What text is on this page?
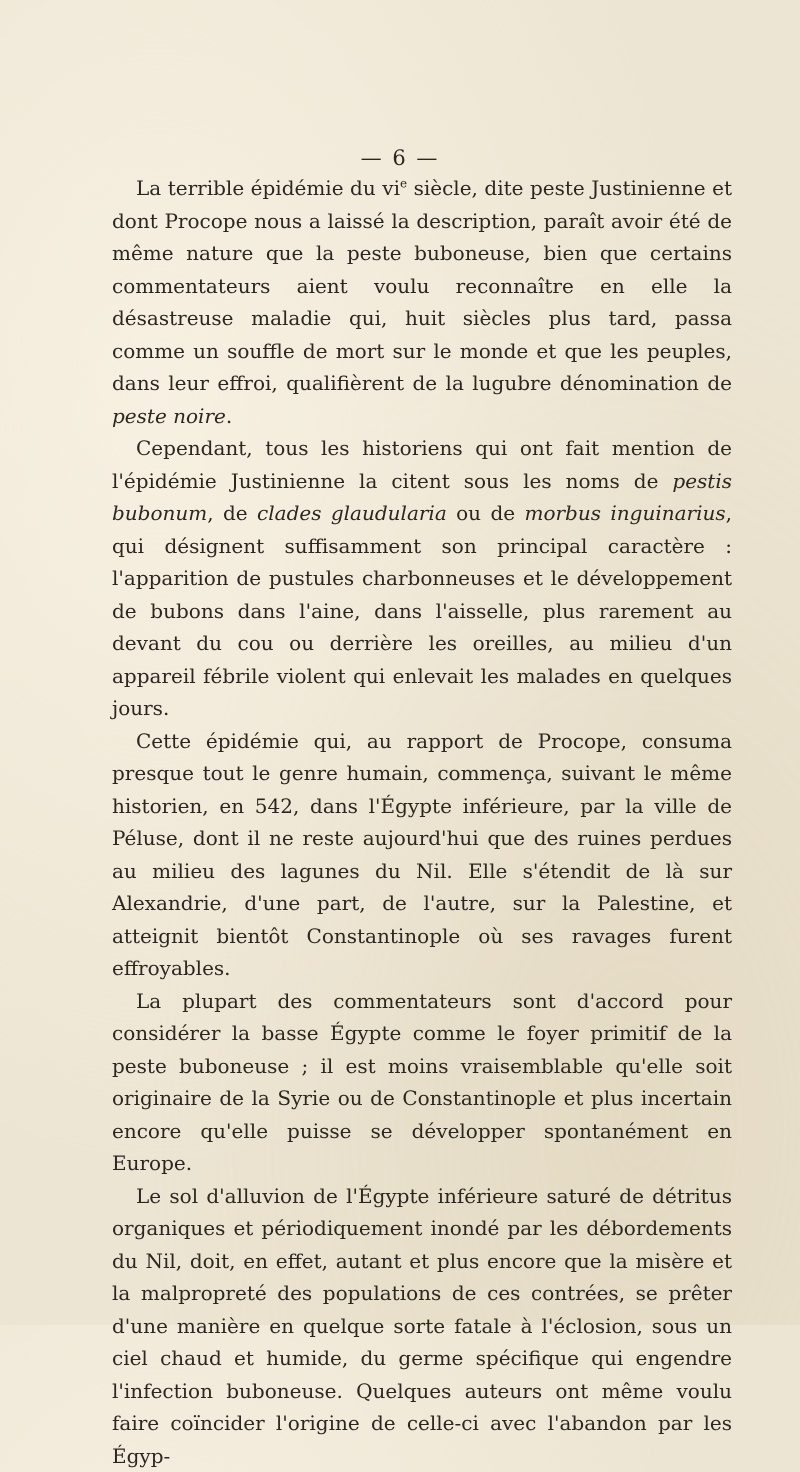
— 6 —

La terrible épidémie du $vi^e$ siècle, dite peste Justinienne et dont Procope nous a laissé la description, paraît avoir été de même nature que la peste buboneuse, bien que certains commentateurs aient voulu reconnaître en elle la désastreuse maladie qui, huit siècles plus tard, passa comme un souffle de mort sur le monde et que les peuples, dans leur effroi, qualifièrent de la lugubre dénomination de peste noire.

Cependant, tous les historiens qui ont fait mention de l'épidémie Justinienne la citent sous les noms de pestis bubonum, de clades glaudularia ou de morbus inguinarius, qui désignent suffisamment son principal caractère : l'apparition de pustules charbonneuses et le développement de bubons dans l'aine, dans l'aisselle, plus rarement au devant du cou ou derrière les oreilles, au milieu d'un appareil fébrile violent qui enlevait les malades en quelques jours.

Cette épidémie qui, au rapport de Procope, consuma presque tout le genre humain, commença, suivant le même historien, en 542, dans l'Égypte inférieure, par la ville de Péluse, dont il ne reste aujourd'hui que des ruines perdues au milieu des lagunes du Nil. Elle s'étendit de là sur Alexandrie, d'une part, de l'autre, sur la Palestine, et atteignit bientôt Constantinople où ses ravages furent effroyables.

La plupart des commentateurs sont d'accord pour considérer la basse Égypte comme le foyer primitif de la peste buboneuse ; il est moins vraisemblable qu'elle soit originaire de la Syrie ou de Constantinople et plus incertain encore qu'elle puisse se développer spontanément en Europe.

Le sol d'alluvion de l'Égypte inférieure saturé de détritus organiques et périodiquement inondé par les débordements du Nil, doit, en effet, autant et plus encore que la misère et la malpropreté des populations de ces contrées, se prêter d'une manière en quelque sorte fatale à l'éclosion, sous un ciel chaud et humide, du germe spécifique qui engendre l'infection buboneuse. Quelques auteurs ont même voulu faire coïncider l'origine de celle-ci avec l'abandon par les Égyp-
